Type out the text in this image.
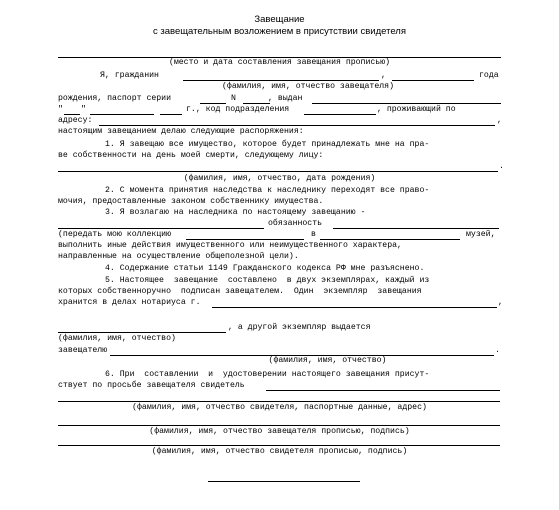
Завещание
с завещательным возложением в присутствии свидетеля
(место и дата составления завещания прописью)
Я, гражданин	,	года
(фамилия, имя, отчество завещателя)
рождения, паспорт серии	N	, выдан
" "	г., код подразделения	, проживающий по
адресу:	,
настоящим завещанием делаю следующие распоряжения:
1. Я завещаю все имущество, которое будет принадлежать мне на пра-
ве собственности на день моей смерти, следующему лицу:
.
(фамилия, имя, отчество, дата рождения)
2. С момента принятия наследства к наследнику переходят все право-
мочия, предоставленные законом собственнику имущества.
3. Я возлагаю на наследника по настоящему завещанию -
обязанность
(передать мою коллекцию	в	музей,
выполнить иные действия имущественного или неимущественного характера,
направленные на осуществление общеполезной цели).
4. Содержание статьи 1149 Гражданского кодекса РФ мне разъяснено.
5. Настоящее  завещание  составлено  в двух экземплярах, каждый из
которых собственноручно  подписан завещателем.  Один  экземпляр  завещания
хранится в делах нотариуса г.	,
, а другой экземпляр выдается
(фамилия, имя, отчество)
завещателю	.
(фамилия, имя, отчество)
6. При  составлении  и  удостоверении настоящего завещания присут-
ствует по просьбе завещателя свидетель
(фамилия, имя, отчество свидетеля, паспортные данные, адрес)
(фамилия, имя, отчество завещателя прописью, подпись)
(фамилия, имя, отчество свидетеля прописью, подпись)
